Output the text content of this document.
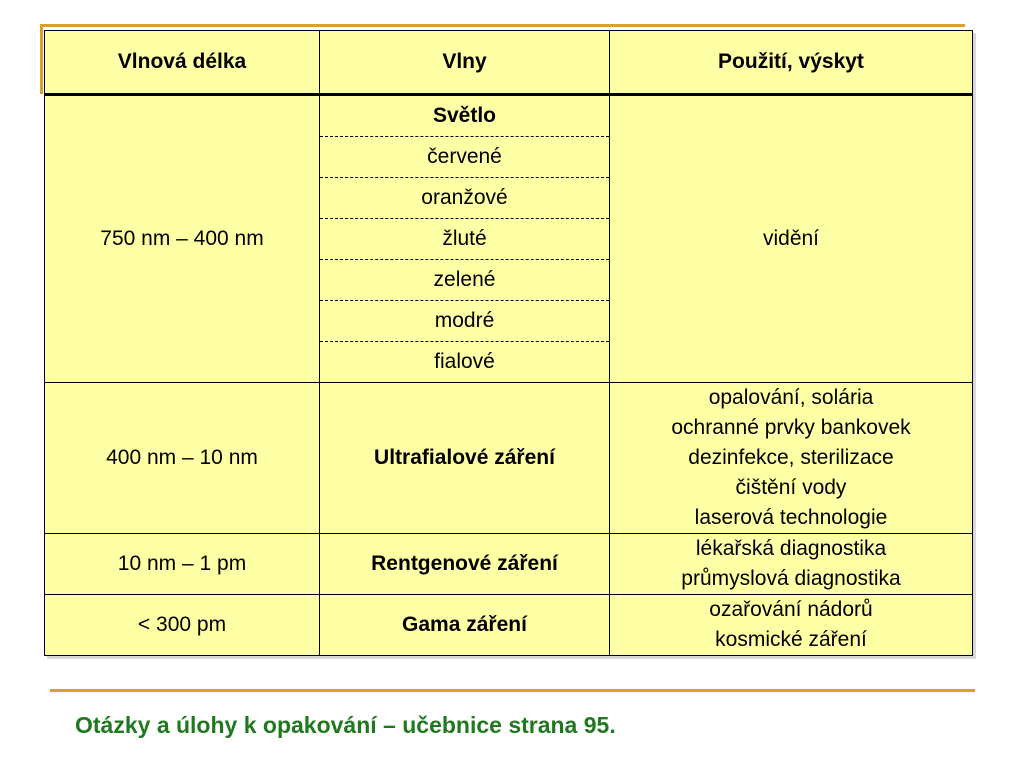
Vlnová délka	Vlny	Použití, výskyt
750 nm – 400 nm	Světlo	vidění
	červené	
	oranžové	
	žluté	
	zelené	
	modré	
	fialové	
400 nm – 10 nm	Ultrafialové záření	opalování, solária
ochranné prvky bankovek
dezinfekce, sterilizace
čištění vody
laserová technologie

10 nm – 1 pm	Rentgenové záření	lékařská diagnostika
průmyslová diagnostika

< 300 pm	Gama záření	ozařování nádorů
kosmické záření
Otázky a úlohy k opakování – učebnice strana 95.
